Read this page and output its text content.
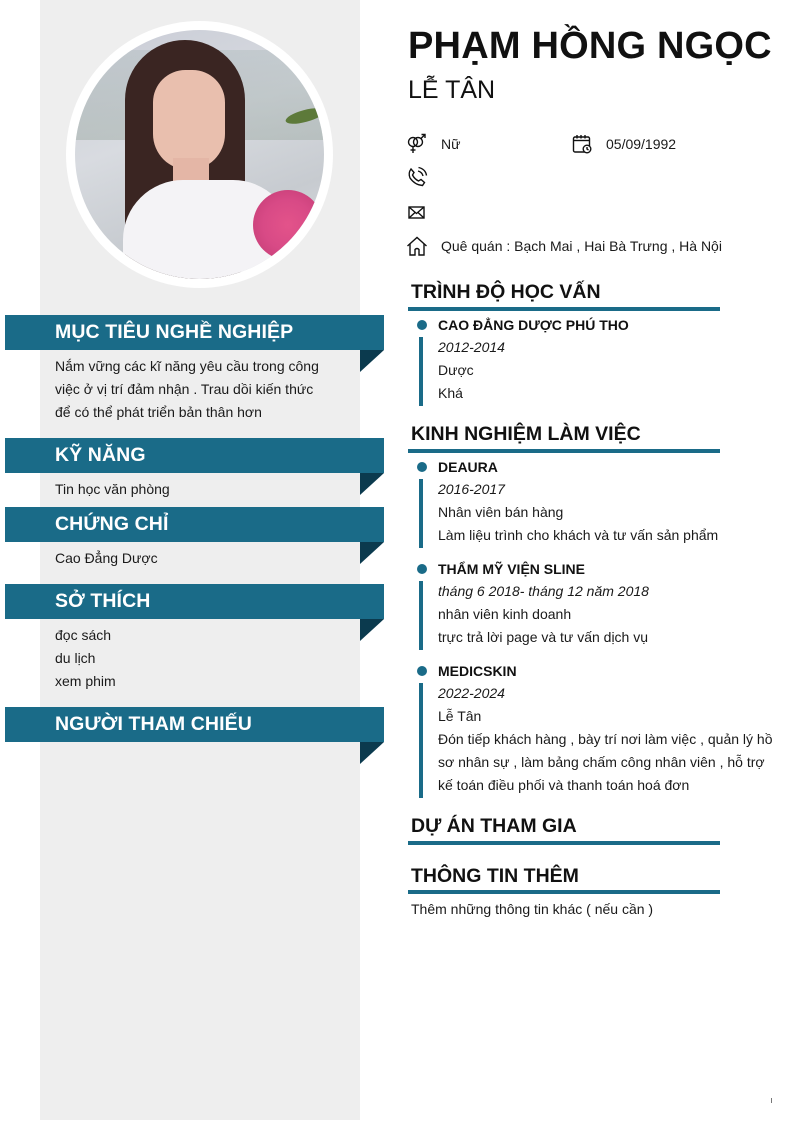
MỤC TIÊU NGHỀ NGHIỆP
Nắm vững các kĩ năng yêu cầu trong công việc ở vị trí đảm nhận . Trau dồi kiến thức để có thể phát triển bản thân hơn
KỸ NĂNG
Tin học văn phòng
CHỨNG CHỈ
Cao Đẳng Dược
SỞ THÍCH
đọc sách
du lịch
xem phim
NGƯỜI THAM CHIẾU
PHẠM HỒNG NGỌC
LỄ TÂN
Nữ	05/09/1992
Quê quán : Bạch Mai , Hai Bà Trưng , Hà Nội
TRÌNH ĐỘ HỌC VẤN
CAO ĐẲNG DƯỢC PHÚ THO
2012-2014
Dược
Khá
KINH NGHIỆM LÀM VIỆC
DEAURA
2016-2017
Nhân viên bán hàng
Làm liệu trình cho khách và tư vấn sản phẩm
THẨM MỸ VIỆN SLINE
tháng 6 2018- tháng 12 năm 2018
nhân viên kinh doanh
trực trả lời page và tư vấn dịch vụ
MEDICSKIN
2022-2024
Lễ Tân
Đón tiếp khách hàng , bày trí nơi làm việc , quản lý hồ sơ nhân sự , làm bảng chấm công nhân viên , hỗ trợ kế toán điều phối và thanh toán hoá đơn
DỰ ÁN THAM GIA
THÔNG TIN THÊM
Thêm những thông tin khác ( nếu cần )
